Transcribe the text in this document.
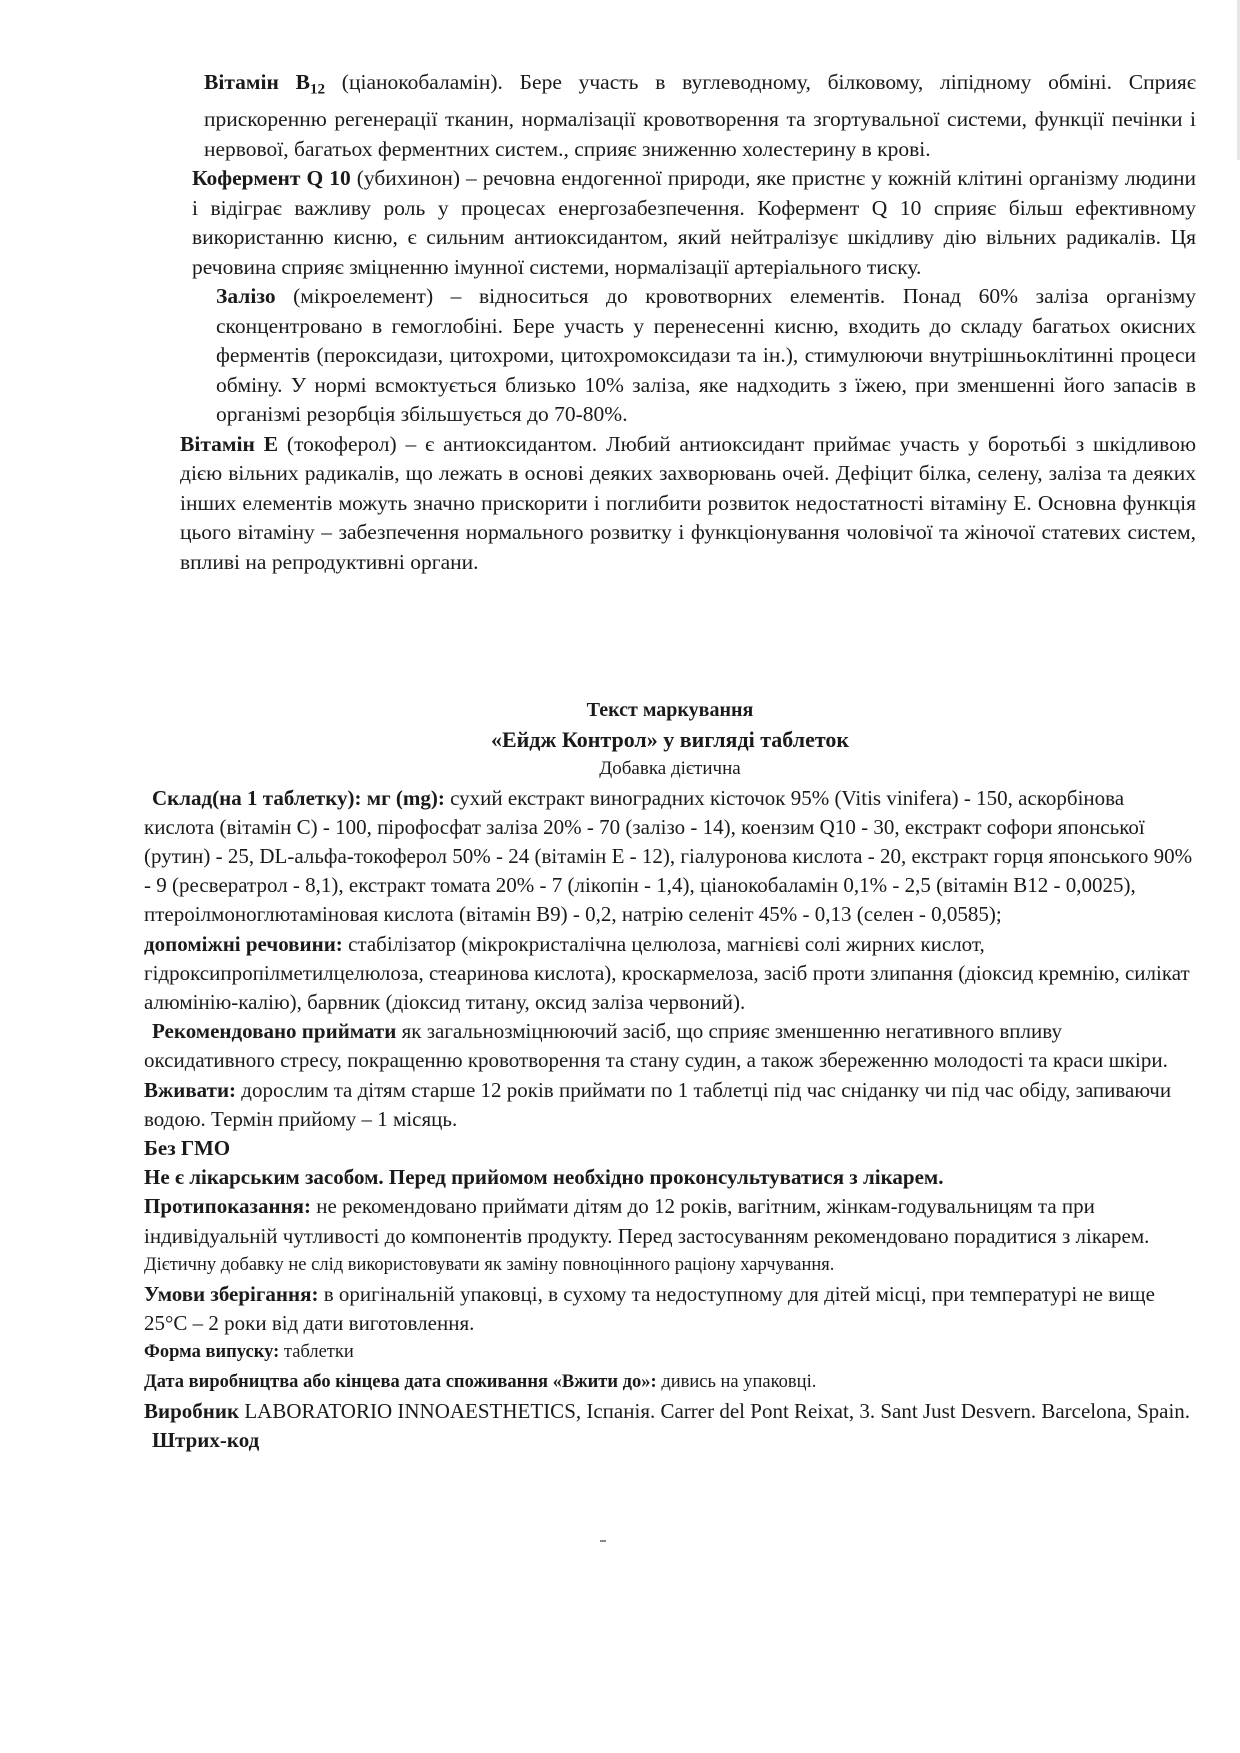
Вітамін $В_{12}$ (ціанокобаламін). Бере участь в вуглеводному, білковому, ліпідному обміні. Сприяє прискоренню регенерації тканин, нормалізації кровотворення та згортувальної системи, функції печінки і нервової, багатьох ферментних систем., сприяє зниженню холестерину в крові.

Кофермент Q 10 (убихинон) – речовна ендогенної природи, яке пристнє у кожній клітині організму людини і відіграє важливу роль у процесах енергозабезпечення. Кофермент Q 10 сприяє більш ефективному використанню кисню, є сильним антиоксидантом, який нейтралізує шкідливу дію вільних радикалів. Ця речовина сприяє зміцненню імунної системи, нормалізації артеріального тиску.

Залізо (мікроелемент) – відноситься до кровотворних елементів. Понад 60% заліза організму сконцентровано в гемоглобіні. Бере участь у перенесенні кисню, входить до складу багатьох окисних ферментів (пероксидази, цитохроми, цитохромоксидази та ін.), стимулюючи внутрішньоклітинні процеси обміну. У нормі всмоктується близько 10% заліза, яке надходить з їжею, при зменшенні його запасів в організмі резорбція збільшується до 70-80%.

Вітамін Е (токоферол) – є антиоксидантом. Любий антиоксидант приймає участь у боротьбі з шкідливою дією вільних радикалів, що лежать в основі деяких захворювань очей. Дефіцит білка, селену, заліза та деяких інших елементів можуть значно прискорити і поглибити розвиток недостатності вітаміну Е. Основна функція цього вітаміну – забезпечення нормального розвитку і функціонування чоловічої та жіночої статевих систем, впливі на репродуктивні органи.

Текст маркування

«Ейдж Контрол» у вигляді таблеток

Добавка дієтична

Склад(на 1 таблетку): мг (mg): сухий екстракт виноградних кісточок 95% (Vitis vinifera) - 150, аскорбінова кислота (вітамін С) - 100, пірофосфат заліза 20% - 70 (залізо - 14), коензим Q10 - 30, екстракт софори японської (рутин) - 25, DL-альфа-токоферол 50% - 24 (вітамін Е - 12), гіалуронова кислота - 20, екстракт горця японського 90% - 9 (ресвератрол - 8,1), екстракт томата 20% - 7 (лікопін - 1,4), ціанокобаламін 0,1% - 2,5 (вітамін В12 - 0,0025), птероілмоноглютаміновая кислота (вітамін В9) - 0,2, натрію селеніт 45% - 0,13 (селен - 0,0585);
допоміжні речовини: стабілізатор (мікрокристалічна целюлоза, магнієві солі жирних кислот, гідроксипропілметилцелюлоза, стеаринова кислота), кроскармелоза, засіб проти злипання (діоксид кремнію, силікат алюмінію-калію), барвник (діоксид титану, оксид заліза червоний).

Рекомендовано приймати як загальнозміцнюючий засіб, що сприяє зменшенню негативного впливу оксидативного стресу, покращенню кровотворення та стану судин, а також збереженню молодості та краси шкіри.

Вживати: дорослим та дітям старше 12 років приймати по 1 таблетці під час сніданку чи під час обіду, запиваючи водою. Термін прийому – 1 місяць.

Без ГМО

Не є лікарським засобом. Перед прийомом необхідно проконсультуватися з лікарем.

Протипоказання: не рекомендовано приймати дітям до 12 років, вагітним, жінкам-годувальницям та при індивідуальній чутливості до компонентів продукту. Перед застосуванням рекомендовано порадитися з лікарем.

Дієтичну добавку не слід використовувати як заміну повноцінного раціону харчування.

Умови зберігання: в оригінальній упаковці, в сухому та недоступному для дітей місці, при температурі не вище 25°С – 2 роки від дати виготовлення.

Форма випуску: таблетки

Дата виробництва або кінцева дата споживання «Вжити до»: дивись на упаковці.

Виробник LABORATORIO INNOAESTHETICS, Іспанія. Carrer del Pont Reixat, 3. Sant Just Desvern. Barcelona, Spain.

Штрих-код
